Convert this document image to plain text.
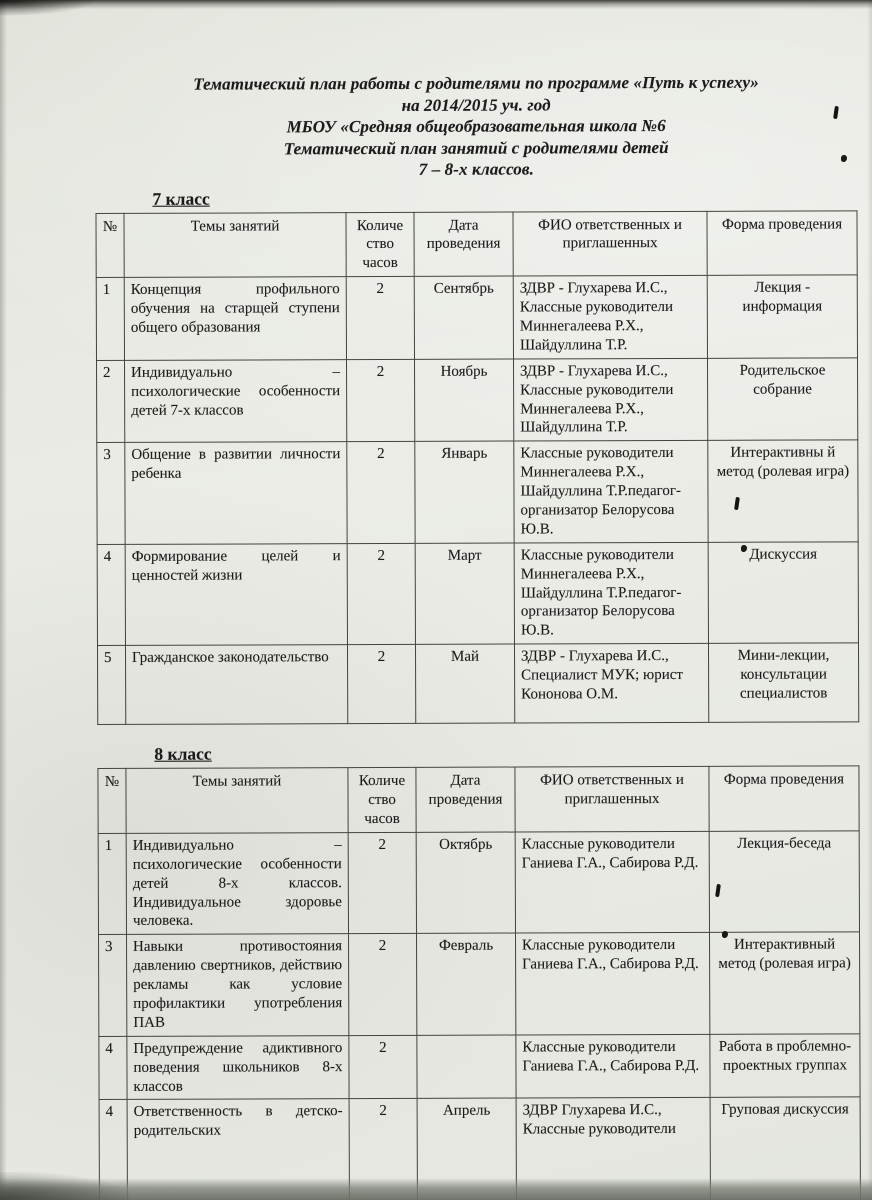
Тематический план работы с родителями по программе «Путь к успеху»
на 2014/2015 уч. год
МБОУ «Средняя общеобразовательная школа №6
Тематический план занятий с родителями детей
7 – 8-х классов.
7 класс
№	Темы занятий	Количе ство часов	Дата проведения	ФИО ответственных и приглашенных	Форма проведения
1	Концепция профильного обучения на старщей ступени общего образования	2	Сентябрь	ЗДВР - Глухарева И.С., Классные руководители Миннегалеева Р.Х., Шайдуллина Т.Р.	Лекция - информация
2	Индивидуально – психологические особенности детей 7-х классов	2	Ноябрь	ЗДВР - Глухарева И.С., Классные руководители Миннегалеева Р.Х., Шайдуллина Т.Р.	Родительское собрание
3	Общение в развитии личности ребенка	2	Январь	Классные руководители Миннегалеева Р.Х., Шайдуллина Т.Р.педагог-организатор Белорусова Ю.В.	Интерактивны й метод (ролевая игра)
4	Формирование целей и ценностей жизни	2	Март	Классные руководители Миннегалеева Р.Х., Шайдуллина Т.Р.педагог-организатор Белорусова Ю.В.	Дискуссия
5	Гражданское законодательство	2	Май	ЗДВР - Глухарева И.С., Специалист МУК; юрист Кононова О.М.	Мини-лекции, консультации специалистов
8 класс
№	Темы занятий	Количе ство часов	Дата проведения	ФИО ответственных и приглашенных	Форма проведения
1	Индивидуально – психологические особенности детей 8-х классов. Индивидуальное здоровье человека.	2	Октябрь	Классные руководители Ганиева Г.А., Сабирова Р.Д.	Лекция-беседа
3	Навыки противостояния давлению свертников, действию рекламы как условие профилактики употребления ПАВ	2	Февраль	Классные руководители Ганиева Г.А., Сабирова Р.Д.	Интерактивный метод (ролевая игра)
4	Предупреждение адиктивного поведения школьников 8-х классов	2		Классные руководители Ганиева Г.А., Сабирова Р.Д.	Работа в проблемно-проектных группах
4	Ответственность в детско-родительских	2	Апрель	ЗДВР Глухарева И.С., Классные руководители	Груповая дискуссия
